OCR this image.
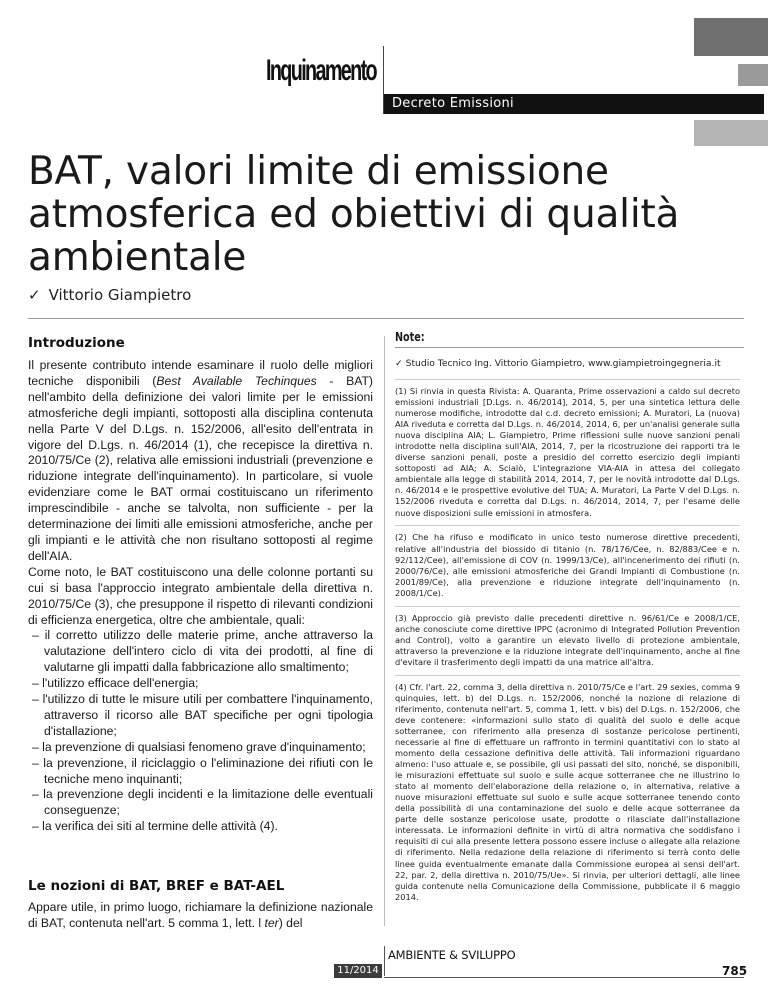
Inquinamento
Decreto Emissioni
BAT, valori limite di emissione atmosferica ed obiettivi di qualità ambientale
✓ Vittorio Giampietro
Introduzione

Il presente contributo intende esaminare il ruolo delle migliori tecniche disponibili (Best Available Techinques - BAT) nell'ambito della definizione dei valori limite per le emissioni atmosferiche degli impianti, sottoposti alla disciplina contenuta nella Parte V del D.Lgs. n. 152/2006, all'esito dell'entrata in vigore del D.Lgs. n. 46/2014 (1), che recepisce la direttiva n. 2010/75/Ce (2), relativa alle emissioni industriali (prevenzione e riduzione integrate dell'inquinamento). In particolare, si vuole evidenziare come le BAT ormai costituiscano un riferimento imprescindibile - anche se talvolta, non sufficiente - per la determinazione dei limiti alle emissioni atmosferiche, anche per gli impianti e le attività che non risultano sottoposti al regime dell'AIA.

Come noto, le BAT costituiscono una delle colonne portanti su cui si basa l'approccio integrato ambientale della direttiva n. 2010/75/Ce (3), che presuppone il rispetto di rilevanti condizioni di efficienza energetica, oltre che ambientale, quali:

– il corretto utilizzo delle materie prime, anche attraverso la valutazione dell'intero ciclo di vita dei prodotti, al fine di valutarne gli impatti dalla fabbricazione allo smaltimento;
– l'utilizzo efficace dell'energia;
– l'utilizzo di tutte le misure utili per combattere l'inquinamento, attraverso il ricorso alle BAT specifiche per ogni tipologia d'istallazione;
– la prevenzione di qualsiasi fenomeno grave d'inquinamento;
– la prevenzione, il riciclaggio o l'eliminazione dei rifiuti con le tecniche meno inquinanti;
– la prevenzione degli incidenti e la limitazione delle eventuali conseguenze;
– la verifica dei siti al termine delle attività (4).
Le nozioni di BAT, BREF e BAT-AEL

Appare utile, in primo luogo, richiamare la definizione nazionale di BAT, contenuta nell'art. 5 comma 1, lett. l ter) del

Note:

✓ Studio Tecnico Ing. Vittorio Giampietro, www.giampietroingegneria.it

(1) Si rinvia in questa Rivista: A. Quaranta, Prime osservazioni a caldo sul decreto emissioni industriali [D.Lgs. n. 46/2014], 2014, 5, per una sintetica lettura delle numerose modifiche, introdotte dal c.d. decreto emissioni; A. Muratori, La (nuova) AIA riveduta e corretta dal D.Lgs. n. 46/2014, 2014, 6, per un'analisi generale sulla nuova disciplina AIA; L. Giampietro, Prime riflessioni sulle nuove sanzioni penali introdotte nella disciplina sull'AIA, 2014, 7, per la ricostruzione dei rapporti tra le diverse sanzioni penali, poste a presidio del corretto esercizio degli impianti sottoposti ad AIA; A. Scialò, L'integrazione VIA-AIA in attesa del collegato ambientale alla legge di stabilità 2014, 2014, 7, per le novità introdotte dal D.Lgs. n. 46/2014 e le prospettive evolutive del TUA; A. Muratori, La Parte V del D.Lgs. n. 152/2006 riveduta e corretta dal D.Lgs. n. 46/2014, 2014, 7, per l'esame delle nuove disposizioni sulle emissioni in atmosfera.

(2) Che ha rifuso e modificato in unico testo numerose direttive precedenti, relative all'industria del biossido di titanio (n. 78/176/Cee, n. 82/883/Cee e n. 92/112/Cee), all'emissione di COV (n. 1999/13/Ce), all'incenerimento dei rifiuti (n. 2000/76/Ce), alle emissioni atmosferiche dei Grandi Impianti di Combustione (n. 2001/89/Ce), alla prevenzione e riduzione integrate dell'inquinamento (n. 2008/1/Ce).

(3) Approccio già previsto dalle precedenti direttive n. 96/61/Ce e 2008/1/CE, anche conosciute come direttive IPPC (acronimo di Integrated Pollution Prevention and Control), volto a garantire un elevato livello di protezione ambientale, attraverso la prevenzione e la riduzione integrate dell'inquinamento, anche al fine d'evitare il trasferimento degli impatti da una matrice all'altra.

(4) Cfr. l'art. 22, comma 3, della direttiva n. 2010/75/Ce e l'art. 29 sexies, comma 9 quinquies, lett. b) del D.Lgs. n. 152/2006, nonché la nozione di relazione di riferimento, contenuta nell'art. 5, comma 1, lett. v bis) del D.Lgs. n. 152/2006, che deve contenere: «informazioni sullo stato di qualità del suolo e delle acque sotterranee, con riferimento alla presenza di sostanze pericolose pertinenti, necessarie al fine di effettuare un raffronto in termini quantitativi con lo stato al momento della cessazione definitiva delle attività. Tali informazioni riguardano almeno: l'uso attuale e, se possibile, gli usi passati del sito, nonché, se disponibili, le misurazioni effettuate sul suolo e sulle acque sotterranee che ne illustrino lo stato al momento dell'elaborazione della relazione o, in alternativa, relative a nuove misurazioni effettuate sul suolo e sulle acque sotterranee tenendo conto della possibilità di una contaminazione del suolo e delle acque sotterranee da parte delle sostanze pericolose usate, prodotte o rilasciate dall'installazione interessata. Le informazioni definite in virtù di altra normativa che soddisfano i requisiti di cui alla presente lettera possono essere incluse o allegate alla relazione di riferimento. Nella redazione della relazione di riferimento si terrà conto delle linee guida eventualmente emanate dalla Commissione europea ai sensi dell'art. 22, par. 2, della direttiva n. 2010/75/Ue». Si rinvia, per ulteriori dettagli, alle linee guida contenute nella Comunicazione della Commissione, pubblicate il 6 maggio 2014.

AMBIENTE & SVILUPPO
11/2014	785
